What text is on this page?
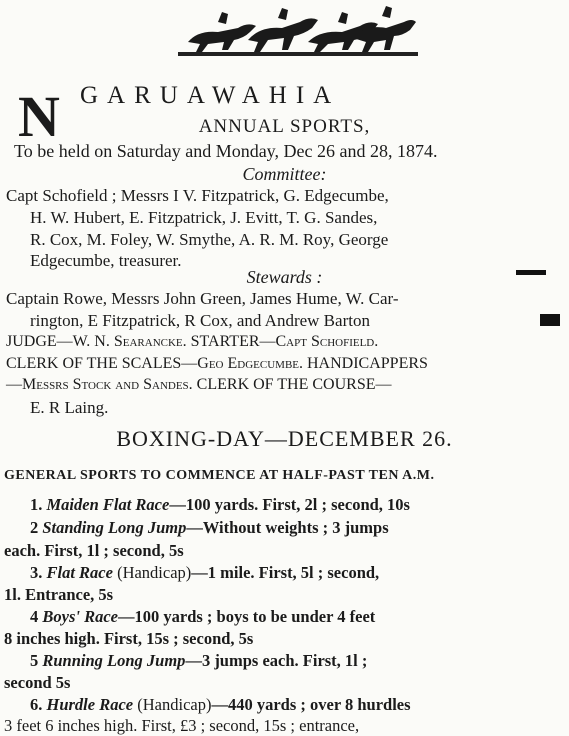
N GARUAWAHIA
ANNUAL SPORTS,
To be held on Saturday and Monday, Dec 26 and 28, 1874.
Committee:
Capt Schofield ; Messrs I V. Fitzpatrick, G. Edgecumbe,
H. W. Hubert, E. Fitzpatrick, J. Evitt, T. G. Sandes,
R. Cox, M. Foley, W. Smythe, A. R. M. Roy, George
Edgecumbe, treasurer.
Stewards :
Captain Rowe, Messrs John Green, James Hume, W. Car-
rington, E Fitzpatrick, R Cox, and Andrew Barton
JUDGE—W. N. Searancke. STARTER—Capt Schofield.
CLERK OF THE SCALES—Geo Edgecumbe. HANDICAPPERS
—Messrs Stock and Sandes. CLERK OF THE COURSE—
E. R Laing.
BOXING-DAY—DECEMBER 26.
GENERAL SPORTS TO COMMENCE AT HALF-PAST TEN A.M.
1. Maiden Flat Race—100 yards. First, 2l ; second, 10s
2 Standing Long Jump—Without weights ; 3 jumps
each. First, 1l ; second, 5s
3. Flat Race (Handicap)—1 mile. First, 5l ; second,
1l. Entrance, 5s
4 Boys' Race—100 yards ; boys to be under 4 feet
8 inches high. First, 15s ; second, 5s
5 Running Long Jump—3 jumps each. First, 1l ;
second 5s
6. Hurdle Race (Handicap)—440 yards ; over 8 hurdles
3 feet 6 inches high. First, £3 ; second, 15s ; entrance,
